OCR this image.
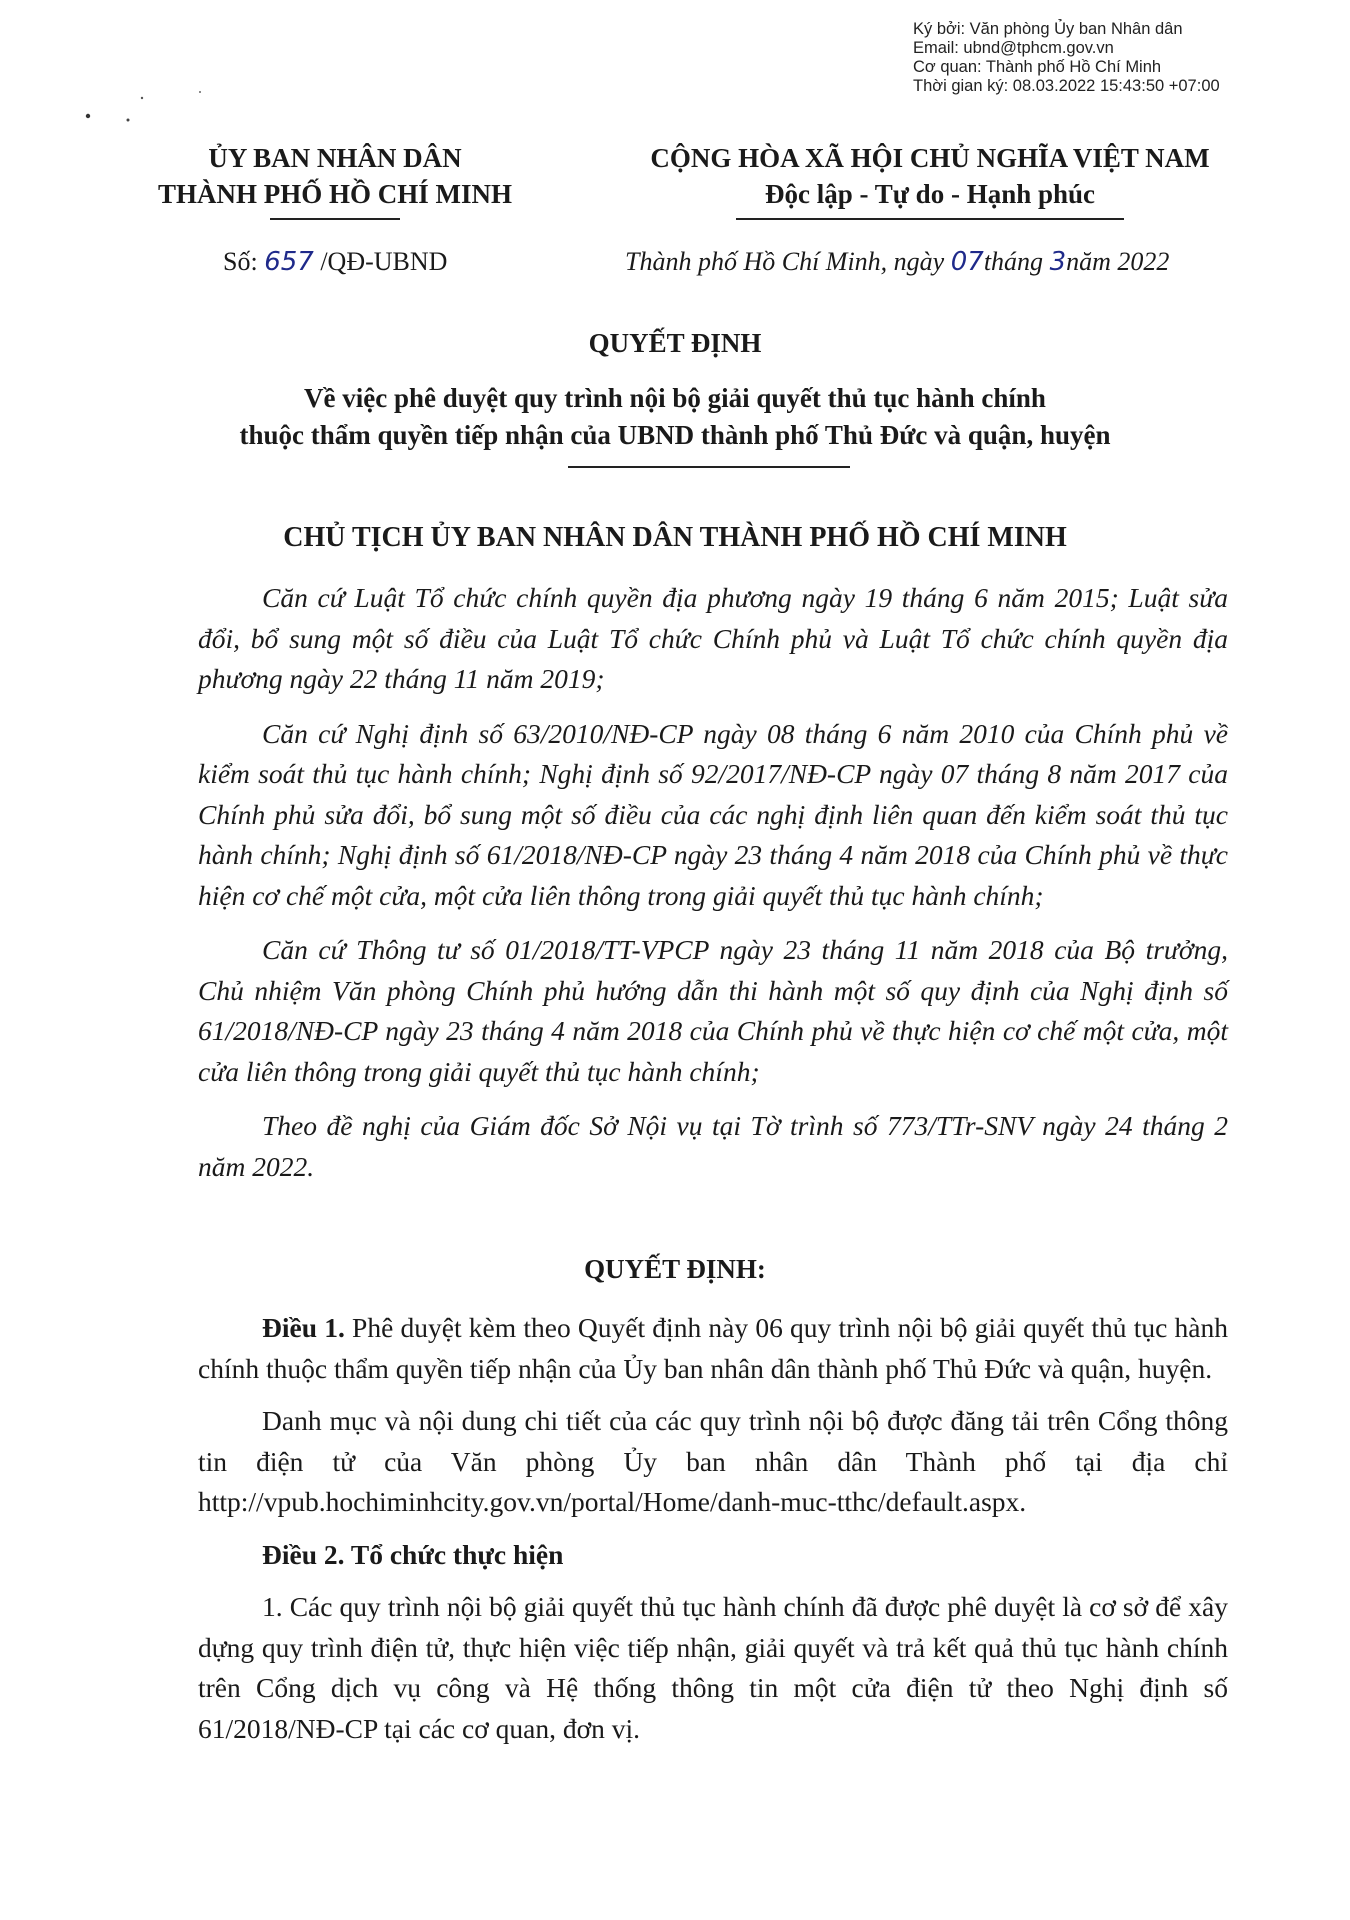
Ký bởi: Văn phòng Ủy ban Nhân dân
Email: ubnd@tphcm.gov.vn
Cơ quan: Thành phố Hồ Chí Minh
Thời gian ký: 08.03.2022 15:43:50 +07:00
ỦY BAN NHÂN DÂN
THÀNH PHỐ HỒ CHÍ MINH
CỘNG HÒA XÃ HỘI CHỦ NGHĨA VIỆT NAM
Độc lập - Tự do - Hạnh phúc
Số: 657 /QĐ-UBND	Thành phố Hồ Chí Minh, ngày 07tháng 3năm 2022
QUYẾT ĐỊNH
Về việc phê duyệt quy trình nội bộ giải quyết thủ tục hành chính
thuộc thẩm quyền tiếp nhận của UBND thành phố Thủ Đức và quận, huyện
CHỦ TỊCH ỦY BAN NHÂN DÂN THÀNH PHỐ HỒ CHÍ MINH

Căn cứ Luật Tổ chức chính quyền địa phương ngày 19 tháng 6 năm 2015; Luật sửa đổi, bổ sung một số điều của Luật Tổ chức Chính phủ và Luật Tổ chức chính quyền địa phương ngày 22 tháng 11 năm 2019;

Căn cứ Nghị định số 63/2010/NĐ-CP ngày 08 tháng 6 năm 2010 của Chính phủ về kiểm soát thủ tục hành chính; Nghị định số 92/2017/NĐ-CP ngày 07 tháng 8 năm 2017 của Chính phủ sửa đổi, bổ sung một số điều của các nghị định liên quan đến kiểm soát thủ tục hành chính; Nghị định số 61/2018/NĐ-CP ngày 23 tháng 4 năm 2018 của Chính phủ về thực hiện cơ chế một cửa, một cửa liên thông trong giải quyết thủ tục hành chính;

Căn cứ Thông tư số 01/2018/TT-VPCP ngày 23 tháng 11 năm 2018 của Bộ trưởng, Chủ nhiệm Văn phòng Chính phủ hướng dẫn thi hành một số quy định của Nghị định số 61/2018/NĐ-CP ngày 23 tháng 4 năm 2018 của Chính phủ về thực hiện cơ chế một cửa, một cửa liên thông trong giải quyết thủ tục hành chính;

Theo đề nghị của Giám đốc Sở Nội vụ tại Tờ trình số 773/TTr-SNV ngày 24 tháng 2 năm 2022.

QUYẾT ĐỊNH:

Điều 1. Phê duyệt kèm theo Quyết định này 06 quy trình nội bộ giải quyết thủ tục hành chính thuộc thẩm quyền tiếp nhận của Ủy ban nhân dân thành phố Thủ Đức và quận, huyện.

Danh mục và nội dung chi tiết của các quy trình nội bộ được đăng tải trên Cổng thông tin điện tử của Văn phòng Ủy ban nhân dân Thành phố tại địa chỉ http://vpub.hochiminhcity.gov.vn/portal/Home/danh-muc-tthc/default.aspx.

Điều 2. Tổ chức thực hiện

1. Các quy trình nội bộ giải quyết thủ tục hành chính đã được phê duyệt là cơ sở để xây dựng quy trình điện tử, thực hiện việc tiếp nhận, giải quyết và trả kết quả thủ tục hành chính trên Cổng dịch vụ công và Hệ thống thông tin một cửa điện tử theo Nghị định số 61/2018/NĐ-CP tại các cơ quan, đơn vị.
